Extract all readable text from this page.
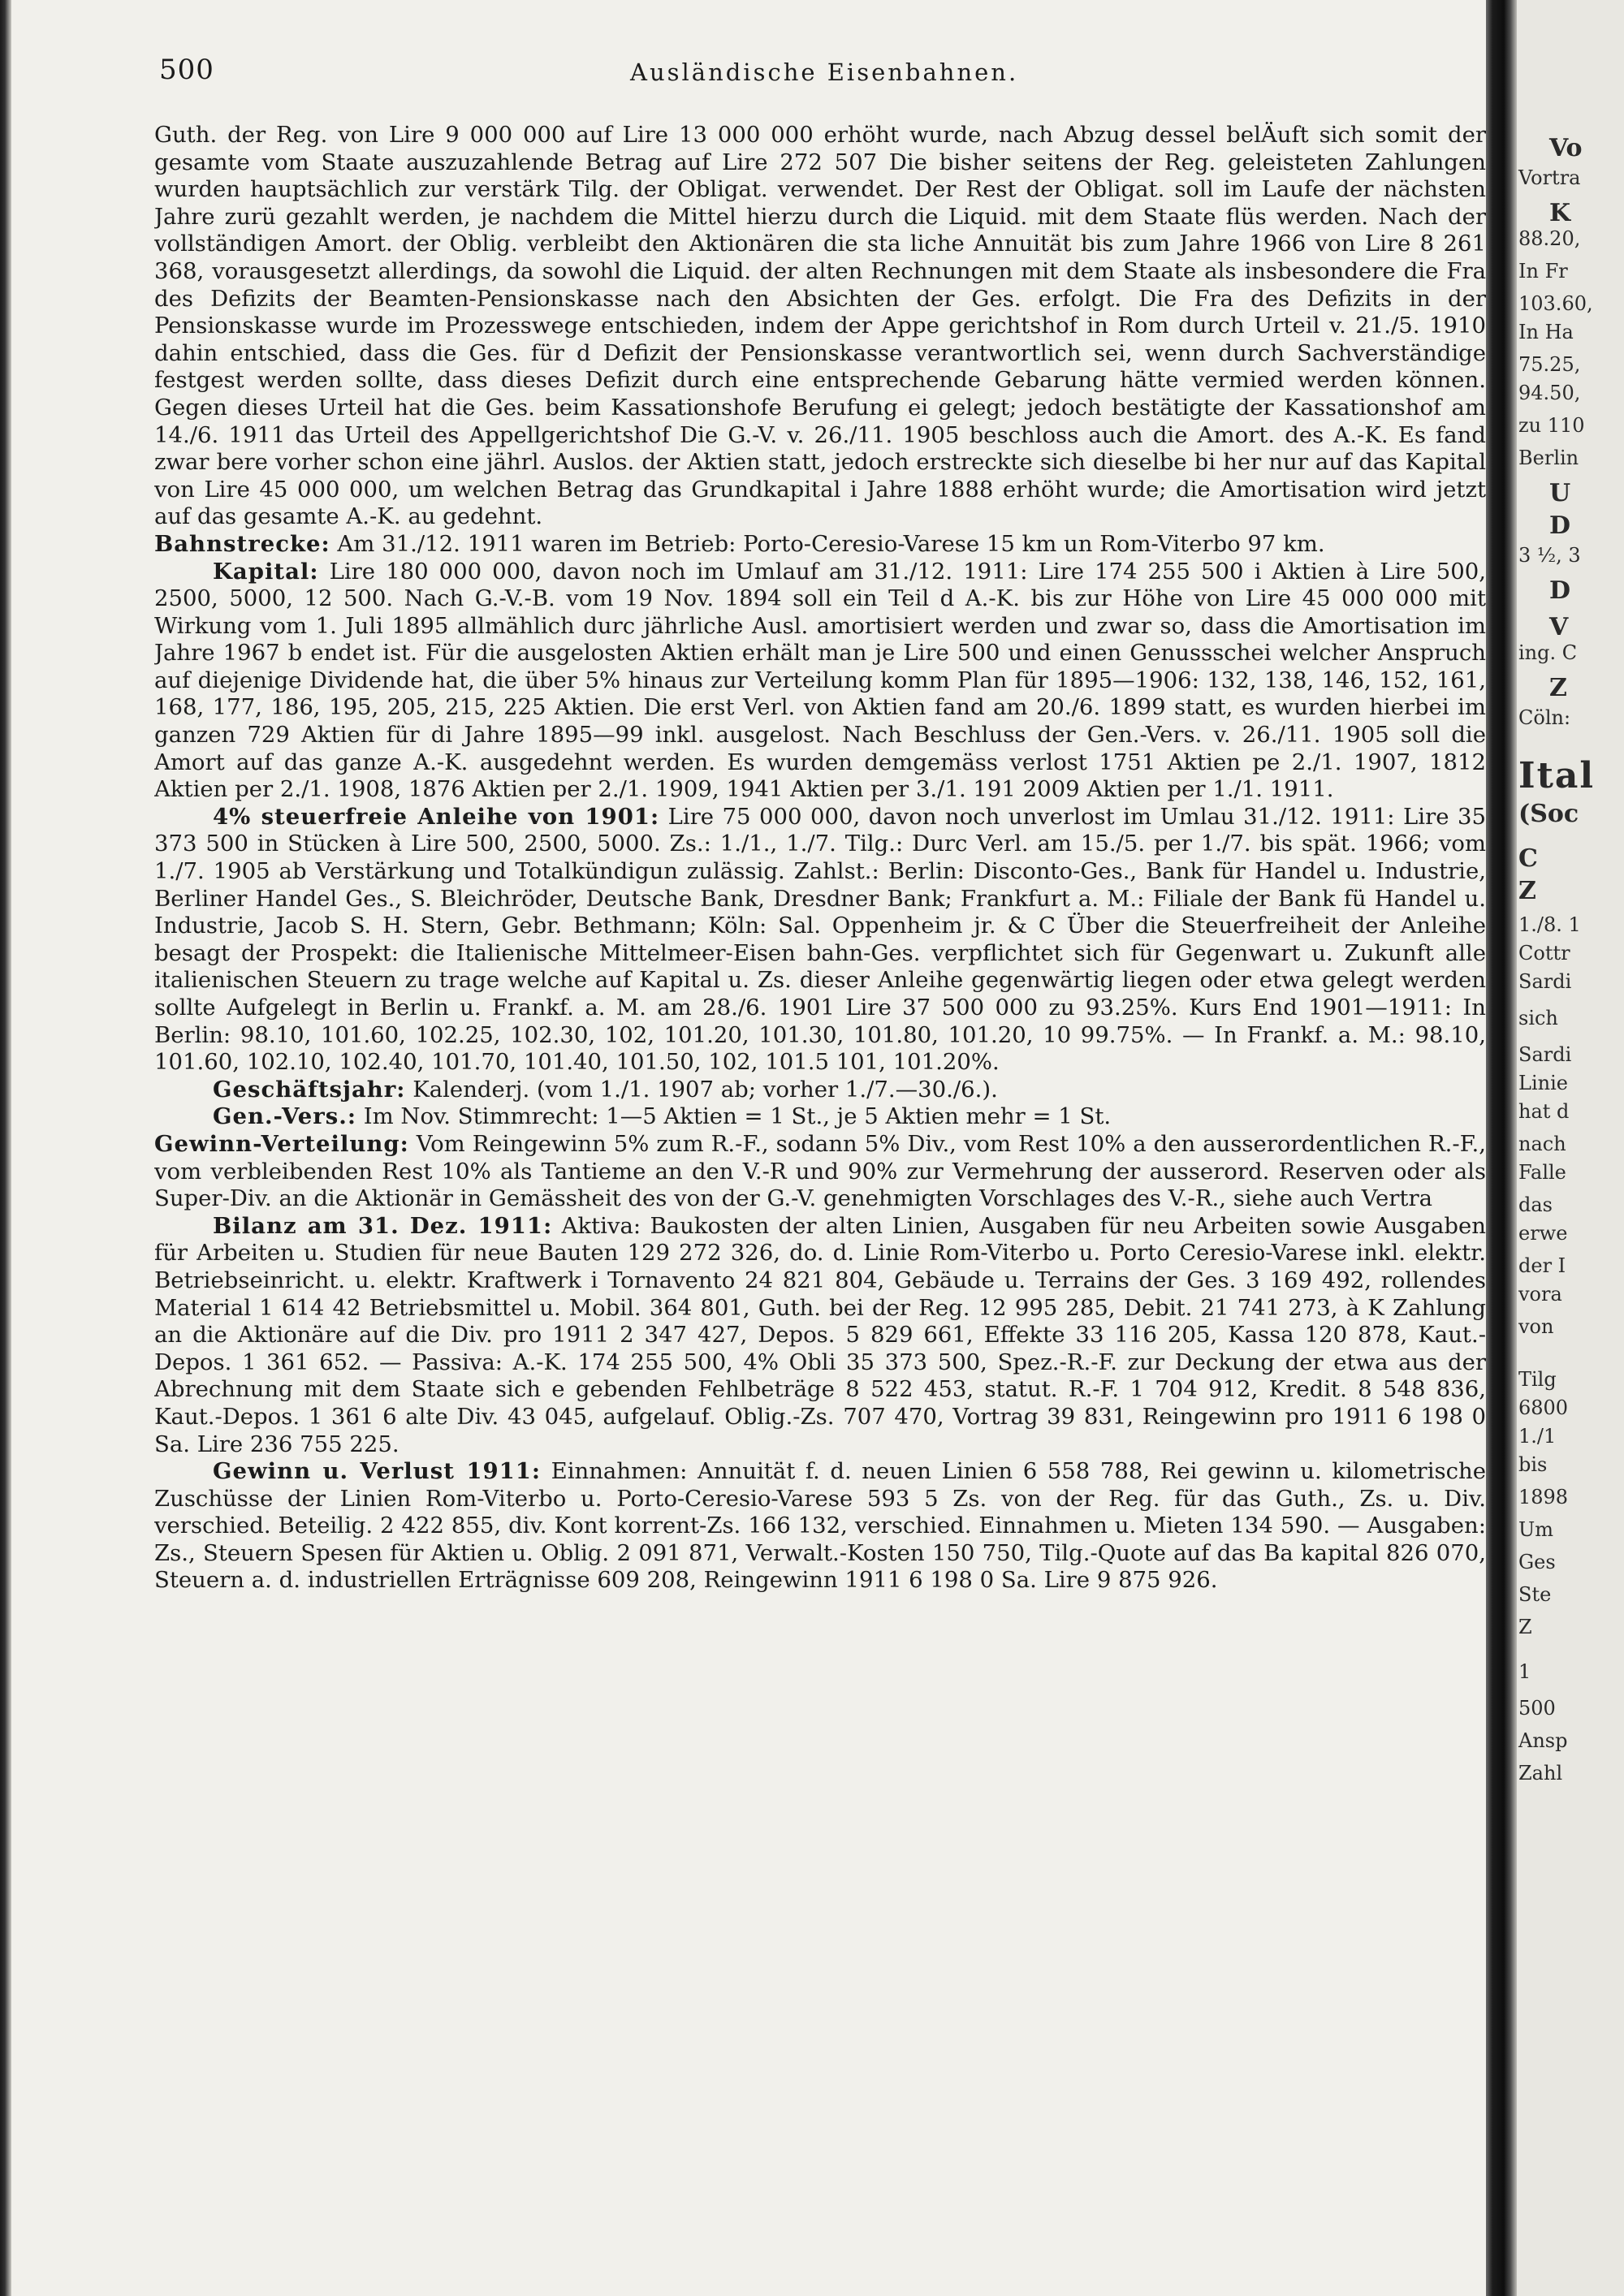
500	Ausländische Eisenbahnen.

Guth. der Reg. von Lire 9 000 000 auf Lire 13 000 000 erhöht wurde, nach Abzug dessel belÄuft sich somit der gesamte vom Staate auszuzahlende Betrag auf Lire 272 507 Die bisher seitens der Reg. geleisteten Zahlungen wurden hauptsächlich zur verstärk Tilg. der Obligat. verwendet. Der Rest der Obligat. soll im Laufe der nächsten Jahre zurü gezahlt werden, je nachdem die Mittel hierzu durch die Liquid. mit dem Staate flüs werden. Nach der vollständigen Amort. der Oblig. verbleibt den Aktionären die sta liche Annuität bis zum Jahre 1966 von Lire 8 261 368, vorausgesetzt allerdings, da sowohl die Liquid. der alten Rechnungen mit dem Staate als insbesondere die Fra des Defizits der Beamten-Pensionskasse nach den Absichten der Ges. erfolgt. Die Fra des Defizits in der Pensionskasse wurde im Prozesswege entschieden, indem der Appe gerichtshof in Rom durch Urteil v. 21./5. 1910 dahin entschied, dass die Ges. für d Defizit der Pensionskasse verantwortlich sei, wenn durch Sachverständige festgest werden sollte, dass dieses Defizit durch eine entsprechende Gebarung hätte vermied werden können. Gegen dieses Urteil hat die Ges. beim Kassationshofe Berufung ei gelegt; jedoch bestätigte der Kassationshof am 14./6. 1911 das Urteil des Appellgerichtshof Die G.-V. v. 26./11. 1905 beschloss auch die Amort. des A.-K. Es fand zwar bere vorher schon eine jährl. Auslos. der Aktien statt, jedoch erstreckte sich dieselbe bi her nur auf das Kapital von Lire 45 000 000, um welchen Betrag das Grundkapital i Jahre 1888 erhöht wurde; die Amortisation wird jetzt auf das gesamte A.-K. au gedehnt.

Bahnstrecke: Am 31./12. 1911 waren im Betrieb: Porto-Ceresio-Varese 15 km un Rom-Viterbo 97 km.

Kapital: Lire 180 000 000, davon noch im Umlauf am 31./12. 1911: Lire 174 255 500 i Aktien à Lire 500, 2500, 5000, 12 500. Nach G.-V.-B. vom 19 Nov. 1894 soll ein Teil d A.-K. bis zur Höhe von Lire 45 000 000 mit Wirkung vom 1. Juli 1895 allmählich durc jährliche Ausl. amortisiert werden und zwar so, dass die Amortisation im Jahre 1967 b endet ist. Für die ausgelosten Aktien erhält man je Lire 500 und einen Genussschei welcher Anspruch auf diejenige Dividende hat, die über 5% hinaus zur Verteilung komm Plan für 1895—1906: 132, 138, 146, 152, 161, 168, 177, 186, 195, 205, 215, 225 Aktien. Die erst Verl. von Aktien fand am 20./6. 1899 statt, es wurden hierbei im ganzen 729 Aktien für di Jahre 1895—99 inkl. ausgelost. Nach Beschluss der Gen.-Vers. v. 26./11. 1905 soll die Amort auf das ganze A.-K. ausgedehnt werden. Es wurden demgemäss verlost 1751 Aktien pe 2./1. 1907, 1812 Aktien per 2./1. 1908, 1876 Aktien per 2./1. 1909, 1941 Aktien per 3./1. 191 2009 Aktien per 1./1. 1911.

4% steuerfreie Anleihe von 1901: Lire 75 000 000, davon noch unverlost im Umlau 31./12. 1911: Lire 35 373 500 in Stücken à Lire 500, 2500, 5000. Zs.: 1./1., 1./7. Tilg.: Durc Verl. am 15./5. per 1./7. bis spät. 1966; vom 1./7. 1905 ab Verstärkung und Totalkündigun zulässig. Zahlst.: Berlin: Disconto-Ges., Bank für Handel u. Industrie, Berliner Handel Ges., S. Bleichröder, Deutsche Bank, Dresdner Bank; Frankfurt a. M.: Filiale der Bank fü Handel u. Industrie, Jacob S. H. Stern, Gebr. Bethmann; Köln: Sal. Oppenheim jr. & C Über die Steuerfreiheit der Anleihe besagt der Prospekt: die Italienische Mittelmeer-Eisen bahn-Ges. verpflichtet sich für Gegenwart u. Zukunft alle italienischen Steuern zu trage welche auf Kapital u. Zs. dieser Anleihe gegenwärtig liegen oder etwa gelegt werden sollte Aufgelegt in Berlin u. Frankf. a. M. am 28./6. 1901 Lire 37 500 000 zu 93.25%. Kurs End 1901—1911: In Berlin: 98.10, 101.60, 102.25, 102.30, 102, 101.20, 101.30, 101.80, 101.20, 10 99.75%. — In Frankf. a. M.: 98.10, 101.60, 102.10, 102.40, 101.70, 101.40, 101.50, 102, 101.5 101, 101.20%.

Geschäftsjahr: Kalenderj. (vom 1./1. 1907 ab; vorher 1./7.—30./6.).

Gen.-Vers.: Im Nov. Stimmrecht: 1—5 Aktien = 1 St., je 5 Aktien mehr = 1 St.

Gewinn-Verteilung: Vom Reingewinn 5% zum R.-F., sodann 5% Div., vom Rest 10% a den ausserordentlichen R.-F., vom verbleibenden Rest 10% als Tantieme an den V.-R und 90% zur Vermehrung der ausserord. Reserven oder als Super-Div. an die Aktionär in Gemässheit des von der G.-V. genehmigten Vorschlages des V.-R., siehe auch Vertra

Bilanz am 31. Dez. 1911: Aktiva: Baukosten der alten Linien, Ausgaben für neu Arbeiten sowie Ausgaben für Arbeiten u. Studien für neue Bauten 129 272 326, do. d. Linie Rom-Viterbo u. Porto Ceresio-Varese inkl. elektr. Betriebseinricht. u. elektr. Kraftwerk i Tornavento 24 821 804, Gebäude u. Terrains der Ges. 3 169 492, rollendes Material 1 614 42 Betriebsmittel u. Mobil. 364 801, Guth. bei der Reg. 12 995 285, Debit. 21 741 273, à K Zahlung an die Aktionäre auf die Div. pro 1911 2 347 427, Depos. 5 829 661, Effekte 33 116 205, Kassa 120 878, Kaut.-Depos. 1 361 652. — Passiva: A.-K. 174 255 500, 4% Obli 35 373 500, Spez.-R.-F. zur Deckung der etwa aus der Abrechnung mit dem Staate sich e gebenden Fehlbeträge 8 522 453, statut. R.-F. 1 704 912, Kredit. 8 548 836, Kaut.-Depos. 1 361 6 alte Div. 43 045, aufgelauf. Oblig.-Zs. 707 470, Vortrag 39 831, Reingewinn pro 1911 6 198 0 Sa. Lire 236 755 225.

Gewinn u. Verlust 1911: Einnahmen: Annuität f. d. neuen Linien 6 558 788, Rei gewinn u. kilometrische Zuschüsse der Linien Rom-Viterbo u. Porto-Ceresio-Varese 593 5 Zs. von der Reg. für das Guth., Zs. u. Div. verschied. Beteilig. 2 422 855, div. Kont korrent-Zs. 166 132, verschied. Einnahmen u. Mieten 134 590. — Ausgaben: Zs., Steuern Spesen für Aktien u. Oblig. 2 091 871, Verwalt.-Kosten 150 750, Tilg.-Quote auf das Ba kapital 826 070, Steuern a. d. industriellen Erträgnisse 609 208, Reingewinn 1911 6 198 0 Sa. Lire 9 875 926.

Vo
Vortra
K
88.20,
In Fr
103.60,
In Ha
75.25,
94.50,
zu 110
Berlin
U
D
3 ½, 3
D
V
ing. C
Z
Cöln:
Ital
(Soc
C
Z
1./8. 1
Cottr
Sardi
sich
Sardi
Linie
hat d
nach
Falle
das
erwe
der I
vora
von
Tilg
6800
1./1
bis
1898
Um
Ges
Ste
Z
1
500
Ansp
Zahl
